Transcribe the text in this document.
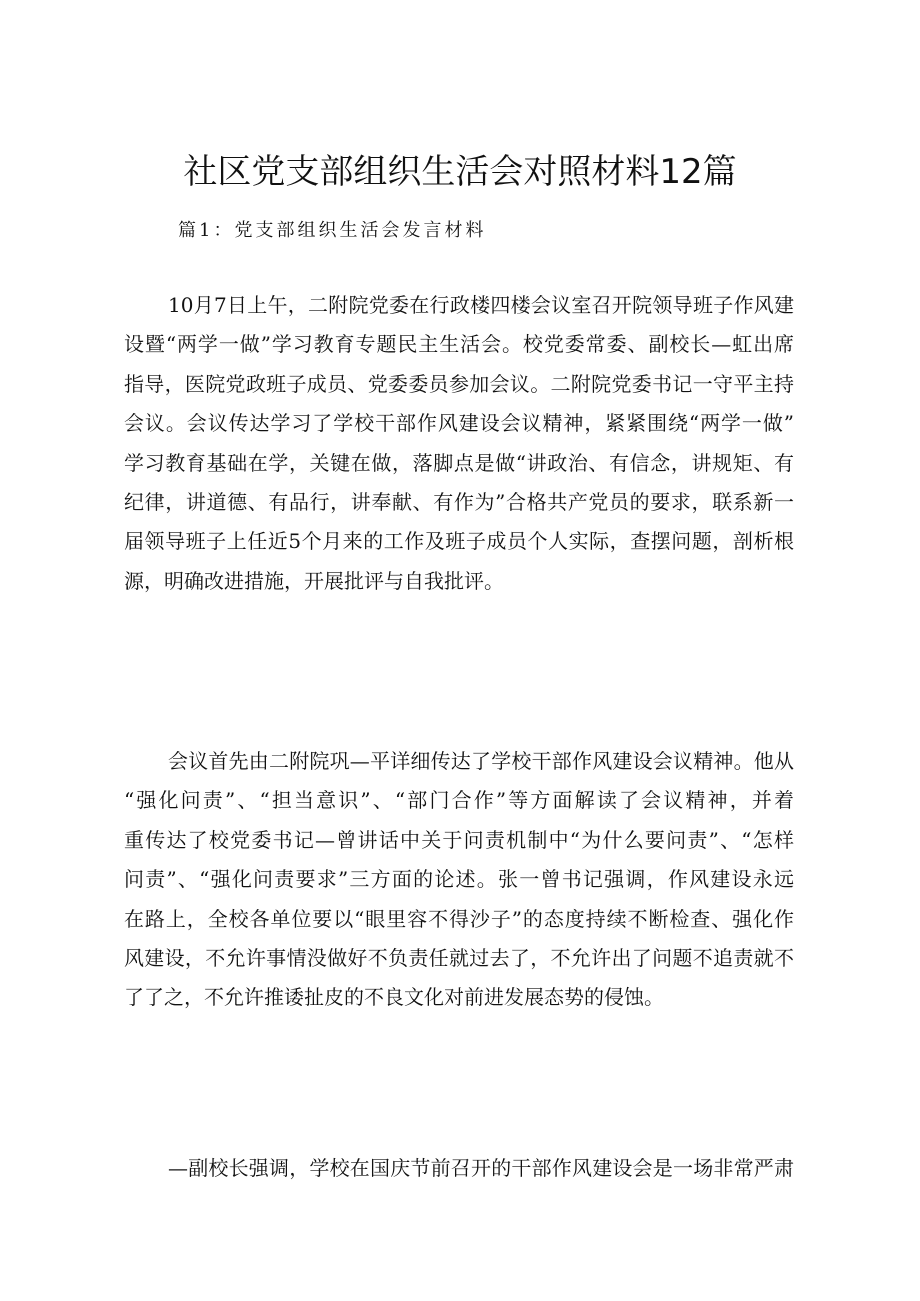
社区党支部组织生活会对照材料12篇

篇1：党支部组织生活会发言材料

10月7日上午，二附院党委在行政楼四楼会议室召开院领导班子作风建
设暨“两学一做”学习教育专题民主生活会。校党委常委、副校长—虹出席
指导，医院党政班子成员、党委委员参加会议。二附院党委书记一守平主持
会议。会议传达学习了学校干部作风建设会议精神，紧紧围绕“两学一做”
学习教育基础在学，关键在做，落脚点是做“讲政治、有信念，讲规矩、有
纪律，讲道德、有品行，讲奉献、有作为”合格共产党员的要求，联系新一
届领导班子上任近5个月来的工作及班子成员个人实际，查摆问题，剖析根
源，明确改进措施，开展批评与自我批评。
会议首先由二附院巩—平详细传达了学校干部作风建设会议精神。他从
“强化问责”、“担当意识”、“部门合作”等方面解读了会议精神，并着
重传达了校党委书记—曾讲话中关于问责机制中“为什么要问责”、“怎样
问责”、“强化问责要求”三方面的论述。张一曾书记强调，作风建设永远
在路上，全校各单位要以“眼里容不得沙子”的态度持续不断检查、强化作
风建设，不允许事情没做好不负责任就过去了，不允许出了问题不追责就不
了了之，不允许推诿扯皮的不良文化对前进发展态势的侵蚀。
—副校长强调，学校在国庆节前召开的干部作风建设会是一场非常严肃
